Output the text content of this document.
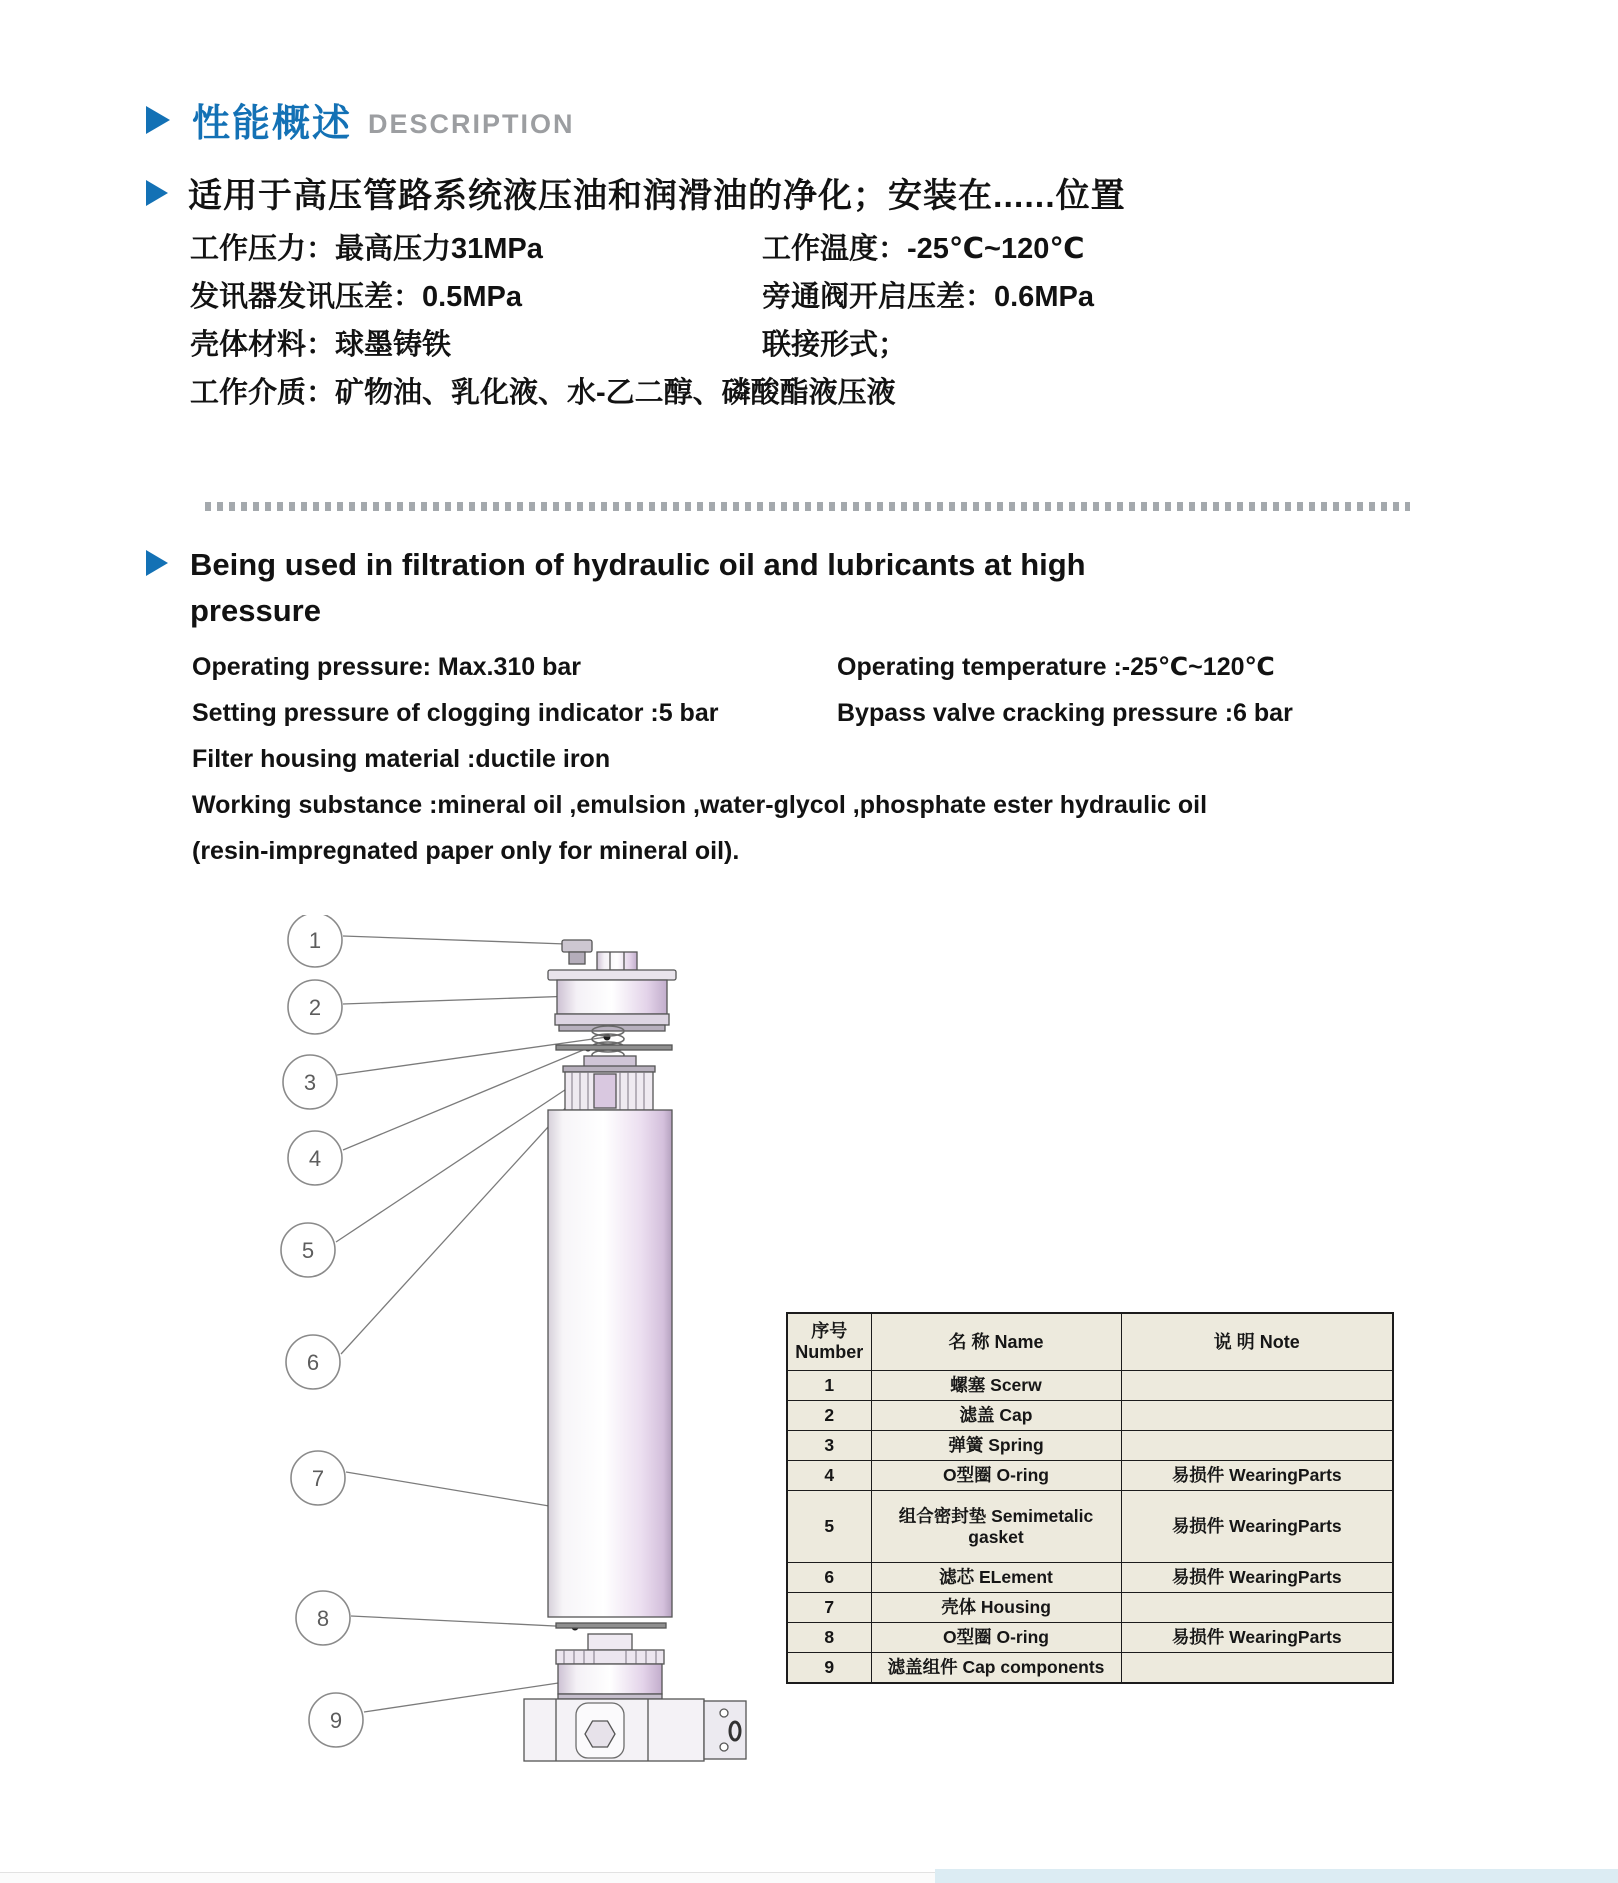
性能概述 DESCRIPTION
适用于高压管路系统液压油和润滑油的净化；安装在......位置
工作压力：最高压力31MPa	工作温度：-25℃~120℃
发讯器发讯压差：0.5MPa	旁通阀开启压差：0.6MPa
壳体材料：球墨铸铁	联接形式；
工作介质：矿物油、乳化液、水-乙二醇、磷酸酯液压液
Being used in filtration of hydraulic oil and lubricants at high
pressure
Operating pressure: Max.310 bar	Operating temperature :-25℃~120℃
Setting pressure of clogging indicator :5 bar	Bypass valve cracking pressure :6 bar
Filter housing material :ductile iron
Working substance :mineral oil ,emulsion ,water-glycol ,phosphate ester hydraulic oil
(resin-impregnated paper only for mineral oil).
1
2
3
4
5
6
7
8
9
序号
Number	名 称 Name	说 明 Note
1	螺塞 Scerw	
2	滤盖 Cap	
3	弹簧 Spring	
4	O型圈 O-ring	易损件 WearingParts
5	组合密封垫 Semimetalic gasket	易损件 WearingParts
6	滤芯 ELement	易损件 WearingParts
7	壳体 Housing	
8	O型圈 O-ring	易损件 WearingParts
9	滤盖组件 Cap components	
